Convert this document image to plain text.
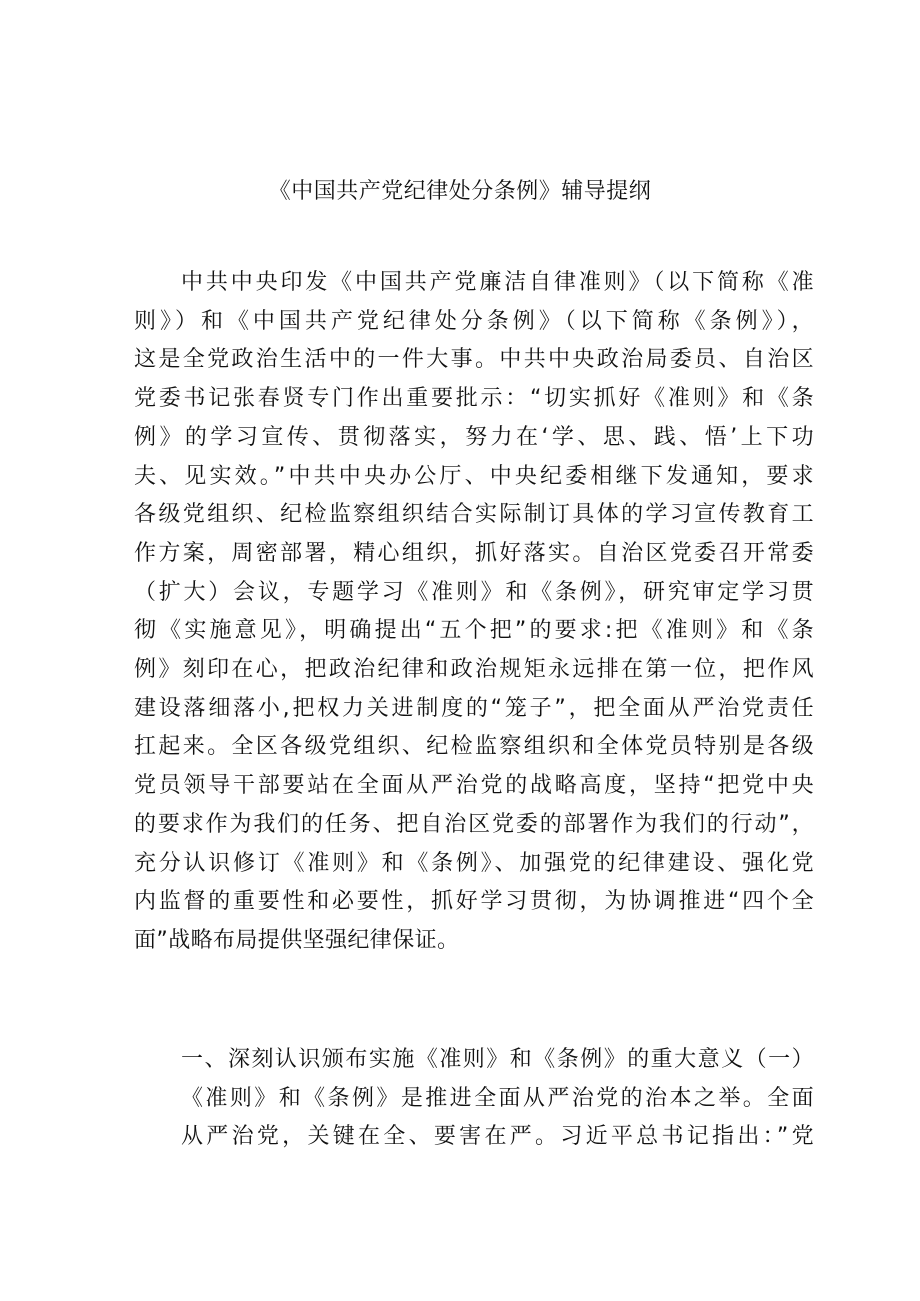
《中国共产党纪律处分条例》辅导提纲
中共中央印发《中国共产党廉洁自律准则》（以下简称《准
则》）和《中国共产党纪律处分条例》（以下简称《条例》），
这是全党政治生活中的一件大事。中共中央政治局委员、自治区
党委书记张春贤专门作出重要批示：“切实抓好《准则》和《条
例》的学习宣传、贯彻落实，努力在‘学、思、践、悟’上下功
夫、见实效。”中共中央办公厅、中央纪委相继下发通知，要求
各级党组织、纪检监察组织结合实际制订具体的学习宣传教育工
作方案，周密部署，精心组织，抓好落实。自治区党委召开常委
（扩大）会议，专题学习《准则》和《条例》，研究审定学习贯
彻《实施意见》，明确提出“五个把”的要求:把《准则》和《条
例》刻印在心，把政治纪律和政治规矩永远排在第一位，把作风
建设落细落小,把权力关进制度的“笼子”，把全面从严治党责任
扛起来。全区各级党组织、纪检监察组织和全体党员特别是各级
党员领导干部要站在全面从严治党的战略高度，坚持“把党中央
的要求作为我们的任务、把自治区党委的部署作为我们的行动”，
充分认识修订《准则》和《条例》、加强党的纪律建设、强化党
内监督的重要性和必要性，抓好学习贯彻，为协调推进“四个全
面”战略布局提供坚强纪律保证。
一、深刻认识颁布实施《准则》和《条例》的重大意义（一）
《准则》和《条例》是推进全面从严治党的治本之举。全面
从严治党，关键在全、要害在严。习近平总书记指出：”党
